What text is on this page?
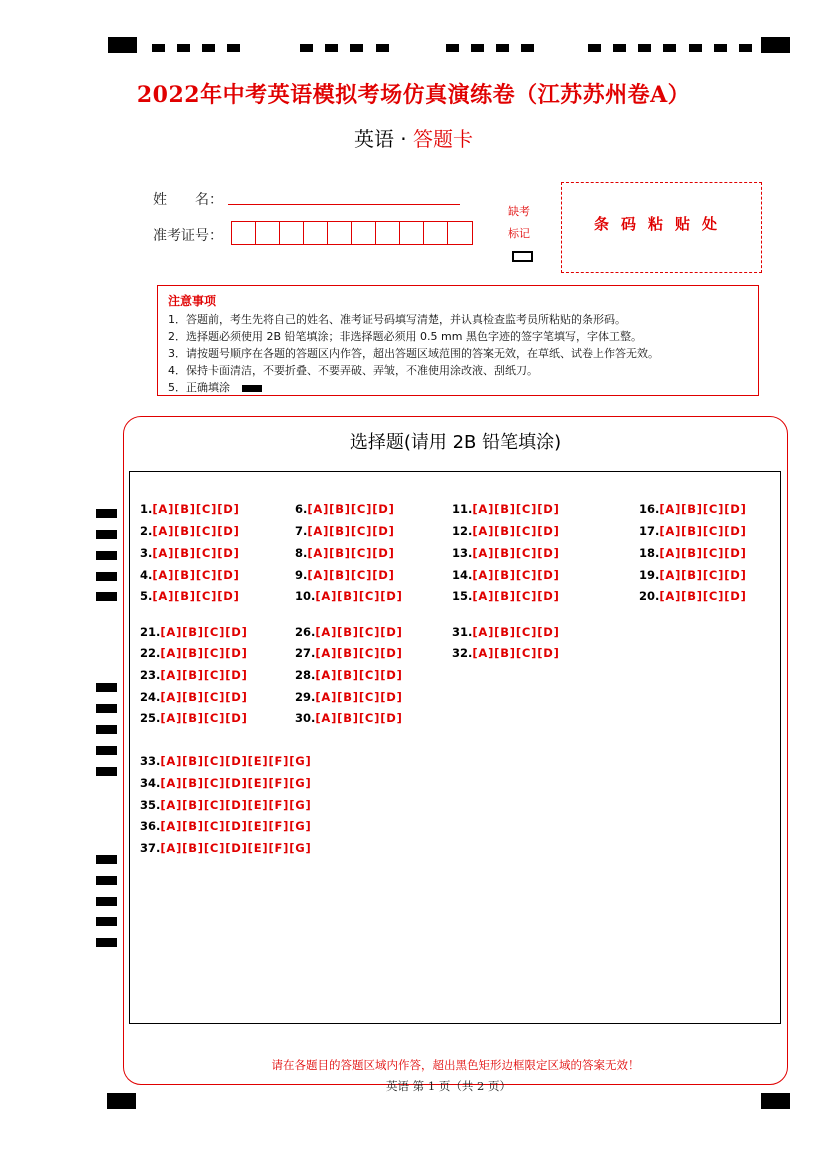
2022年中考英语模拟考场仿真演练卷（江苏苏州卷A）
英语 · 答题卡
姓　　名：
准考证号：
缺考
标记
条码粘贴处
注意事项
1．答题前，考生先将自己的姓名、准考证号码填写清楚，并认真检查监考员所粘贴的条形码。
2．选择题必须使用 2B 铅笔填涂；非选择题必须用 0.5 mm 黑色字迹的签字笔填写，字体工整。
3．请按题号顺序在各题的答题区内作答，超出答题区域范围的答案无效，在草纸、试卷上作答无效。
4．保持卡面清洁，不要折叠、不要弄破、弄皱，不准使用涂改液、刮纸刀。
5．正确填涂
选择题(请用 2B 铅笔填涂)
1.[A][B][C][D]
2.[A][B][C][D]
3.[A][B][C][D]
4.[A][B][C][D]
5.[A][B][C][D]
6.[A][B][C][D]
7.[A][B][C][D]
8.[A][B][C][D]
9.[A][B][C][D]
10.[A][B][C][D]
11.[A][B][C][D]
12.[A][B][C][D]
13.[A][B][C][D]
14.[A][B][C][D]
15.[A][B][C][D]
16.[A][B][C][D]
17.[A][B][C][D]
18.[A][B][C][D]
19.[A][B][C][D]
20.[A][B][C][D]
21.[A][B][C][D]
22.[A][B][C][D]
23.[A][B][C][D]
24.[A][B][C][D]
25.[A][B][C][D]
26.[A][B][C][D]
27.[A][B][C][D]
28.[A][B][C][D]
29.[A][B][C][D]
30.[A][B][C][D]
31.[A][B][C][D]
32.[A][B][C][D]
33.[A][B][C][D][E][F][G]
34.[A][B][C][D][E][F][G]
35.[A][B][C][D][E][F][G]
36.[A][B][C][D][E][F][G]
37.[A][B][C][D][E][F][G]
请在各题目的答题区域内作答，超出黑色矩形边框限定区域的答案无效！
英语 第 1 页（共 2 页）
